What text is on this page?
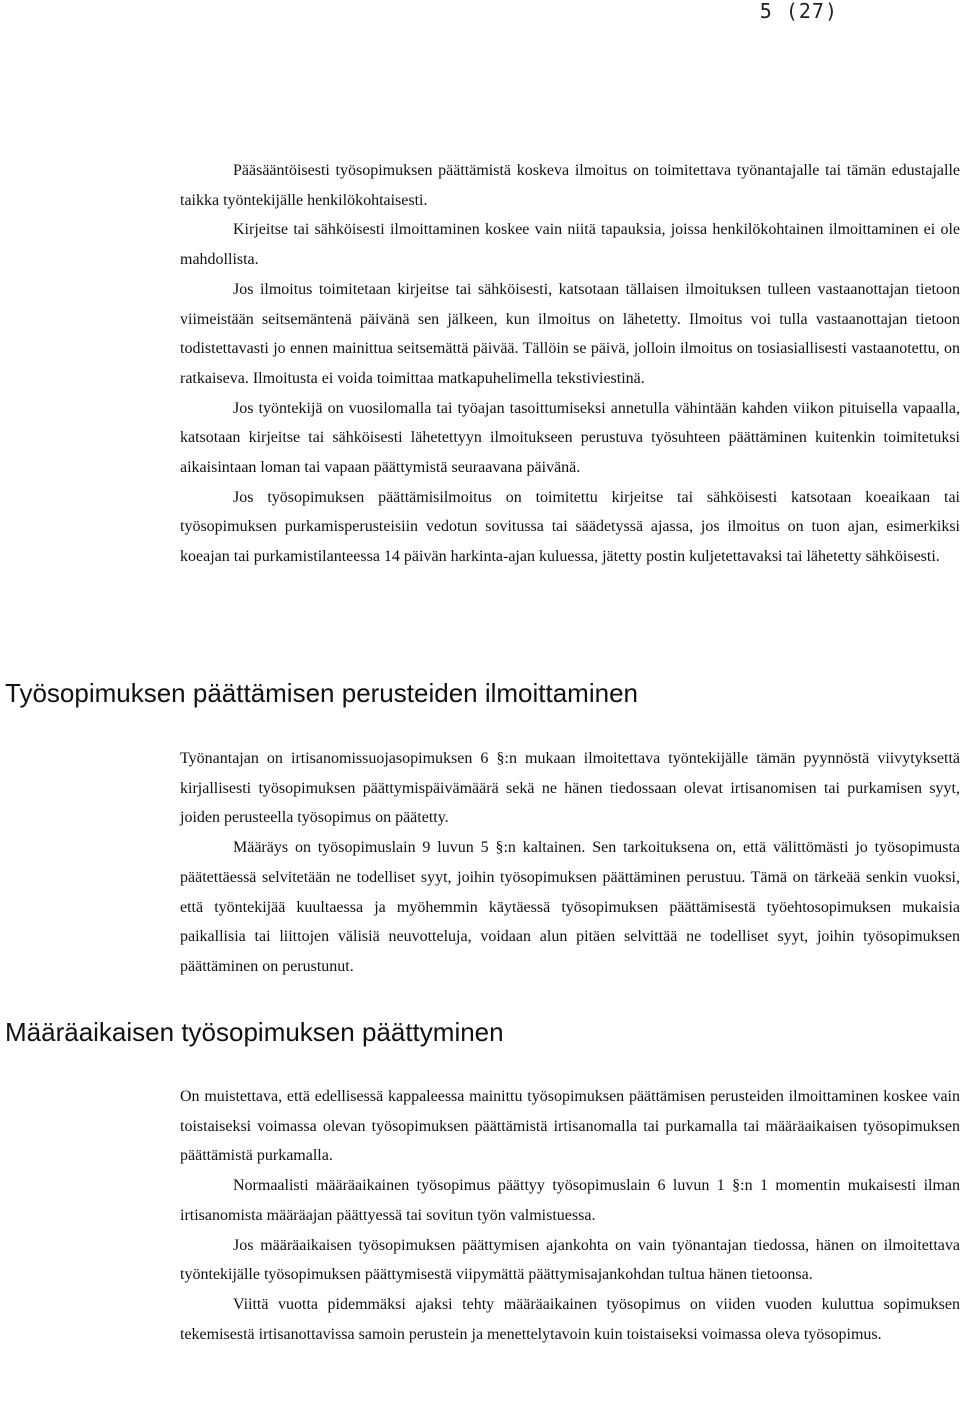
5 (27)

Pääsääntöisesti työsopimuksen päättämistä koskeva ilmoitus on toimitettava työnantajalle tai tämän edustajalle taikka työntekijälle henkilökohtaisesti.

Kirjeitse tai sähköisesti ilmoittaminen koskee vain niitä tapauksia, joissa henkilökohtainen ilmoittaminen ei ole mahdollista.

Jos ilmoitus toimitetaan kirjeitse tai sähköisesti, katsotaan tällaisen ilmoituksen tulleen vastaanottajan tietoon viimeistään seitsemäntenä päivänä sen jälkeen, kun ilmoitus on lähetetty. Ilmoitus voi tulla vastaanottajan tietoon todistettavasti jo ennen mainittua seitsemättä päivää. Tällöin se päivä, jolloin ilmoitus on tosiasiallisesti vastaanotettu, on ratkaiseva. Ilmoitusta ei voida toimittaa matkapuhelimella tekstiviestinä.

Jos työntekijä on vuosilomalla tai työajan tasoittumiseksi annetulla vähintään kahden viikon pituisella vapaalla, katsotaan kirjeitse tai sähköisesti lähetettyyn ilmoitukseen perustuva työsuhteen päättäminen kuitenkin toimitetuksi aikaisintaan loman tai vapaan päättymistä seuraavana päivänä.

Jos työsopimuksen päättämisilmoitus on toimitettu kirjeitse tai sähköisesti katsotaan koeaikaan tai työsopimuksen purkamisperusteisiin vedotun sovitussa tai säädetyssä ajassa, jos ilmoitus on tuon ajan, esimerkiksi koeajan tai purkamistilanteessa 14 päivän harkinta-ajan kuluessa, jätetty postin kuljetettavaksi tai lähetetty sähköisesti.

Työsopimuksen päättämisen perusteiden ilmoittaminen

Työnantajan on irtisanomissuojasopimuksen 6 §:n mukaan ilmoitettava työntekijälle tämän pyynnöstä viivytyksettä kirjallisesti työsopimuksen päättymispäivämäärä sekä ne hänen tiedossaan olevat irtisanomisen tai purkamisen syyt, joiden perusteella työsopimus on päätetty.

Määräys on työsopimuslain 9 luvun 5 §:n kaltainen. Sen tarkoituksena on, että välittömästi jo työsopimusta päätettäessä selvitetään ne todelliset syyt, joihin työsopimuksen päättäminen perustuu. Tämä on tärkeää senkin vuoksi, että työntekijää kuultaessa ja myöhemmin käytäessä työsopimuksen päättämisestä työehtosopimuksen mukaisia paikallisia tai liittojen välisiä neuvotteluja, voidaan alun pitäen selvittää ne todelliset syyt, joihin työsopimuksen päättäminen on perustunut.

Määräaikaisen työsopimuksen päättyminen

On muistettava, että edellisessä kappaleessa mainittu työsopimuksen päättämisen perusteiden ilmoittaminen koskee vain toistaiseksi voimassa olevan työsopimuksen päättämistä irtisanomalla tai purkamalla tai määräaikaisen työsopimuksen päättämistä purkamalla.

Normaalisti määräaikainen työsopimus päättyy työsopimuslain 6 luvun 1 §:n 1 momentin mukaisesti ilman irtisanomista määräajan päättyessä tai sovitun työn valmistuessa.

Jos määräaikaisen työsopimuksen päättymisen ajankohta on vain työnantajan tiedossa, hänen on ilmoitettava työntekijälle työsopimuksen päättymisestä viipymättä päättymisajankohdan tultua hänen tietoonsa.

Viittä vuotta pidemmäksi ajaksi tehty määräaikainen työsopimus on viiden vuoden kuluttua sopimuksen tekemisestä irtisanottavissa samoin perustein ja menettelytavoin kuin toistaiseksi voimassa oleva työsopimus.
